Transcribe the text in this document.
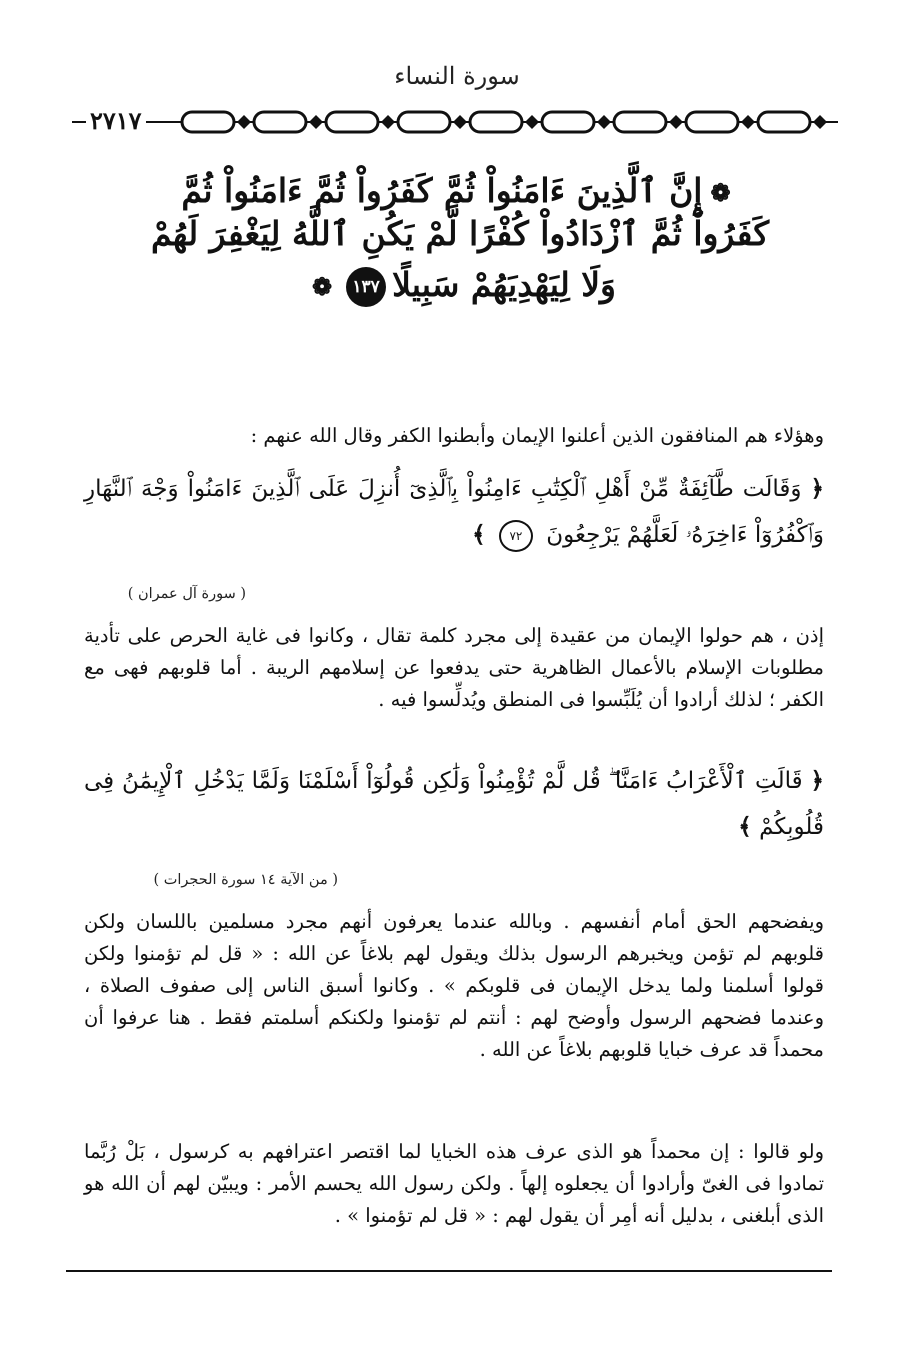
سورة النساء
٢٧١٧
❁إِنَّ ٱلَّذِينَ ءَامَنُواْ ثُمَّ كَفَرُواْ ثُمَّ ءَامَنُواْ ثُمَّ
كَفَرُواْ ثُمَّ ٱزْدَادُواْ كُفْرًا لَّمْ يَكُنِ ٱللَّهُ لِيَغْفِرَ لَهُمْ
وَلَا لِيَهْدِيَهُمْ سَبِيلًا١٣٧❁
وهؤلاء هم المنافقون الذين أعلنوا الإيمان وأبطنوا الكفر وقال الله عنهم :
﴿ وَقَالَت طَّآئِفَةٌ مِّنْ أَهْلِ ٱلْكِتَٰبِ ءَامِنُواْ بِٱلَّذِىٓ أُنزِلَ عَلَى ٱلَّذِينَ ءَامَنُواْ وَجْهَ ٱلنَّهَارِ وَٱكْفُرُوٓاْ ءَاخِرَهُۥ لَعَلَّهُمْ يَرْجِعُونَ ٧٢ ﴾
( سورة آل عمران )
إذن ، هم حولوا الإيمان من عقيدة إلى مجرد كلمة تقال ، وكانوا فى غاية الحرص على تأدية مطلوبات الإسلام بالأعمال الظاهرية حتى يدفعوا عن إسلامهم الريبة . أما قلوبهم فهى مع الكفر ؛ لذلك أرادوا أن يُلَبِّسوا فى المنطق ويُدلِّسوا فيه .
﴿ قَالَتِ ٱلْأَعْرَابُ ءَامَنَّا ۖ قُل لَّمْ تُؤْمِنُواْ وَلَٰكِن قُولُوٓاْ أَسْلَمْنَا وَلَمَّا يَدْخُلِ ٱلْإِيمَٰنُ فِى قُلُوبِكُمْ ﴾
( من الآية ١٤ سورة الحجرات )
ويفضحهم الحق أمام أنفسهم . وبالله عندما يعرفون أنهم مجرد مسلمين باللسان ولكن قلوبهم لم تؤمن ويخبرهم الرسول بذلك ويقول لهم بلاغاً عن الله : « قل لم تؤمنوا ولكن قولوا أسلمنا ولما يدخل الإيمان فى قلوبكم » . وكانوا أسبق الناس إلى صفوف الصلاة ، وعندما فضحهم الرسول وأوضح لهم : أنتم لم تؤمنوا ولكنكم أسلمتم فقط . هنا عرفوا أن محمداً قد عرف خبايا قلوبهم بلاغاً عن الله .
ولو قالوا : إن محمداً هو الذى عرف هذه الخبايا لما اقتصر اعترافهم به كرسول ، بَلْ رُبَّما تمادوا فى الغىّ وأرادوا أن يجعلوه إلهاً . ولكن رسول الله يحسم الأمر : ويبيّن لهم أن الله هو الذى أبلغنى ، بدليل أنه أمِر أن يقول لهم : « قل لم تؤمنوا » .
